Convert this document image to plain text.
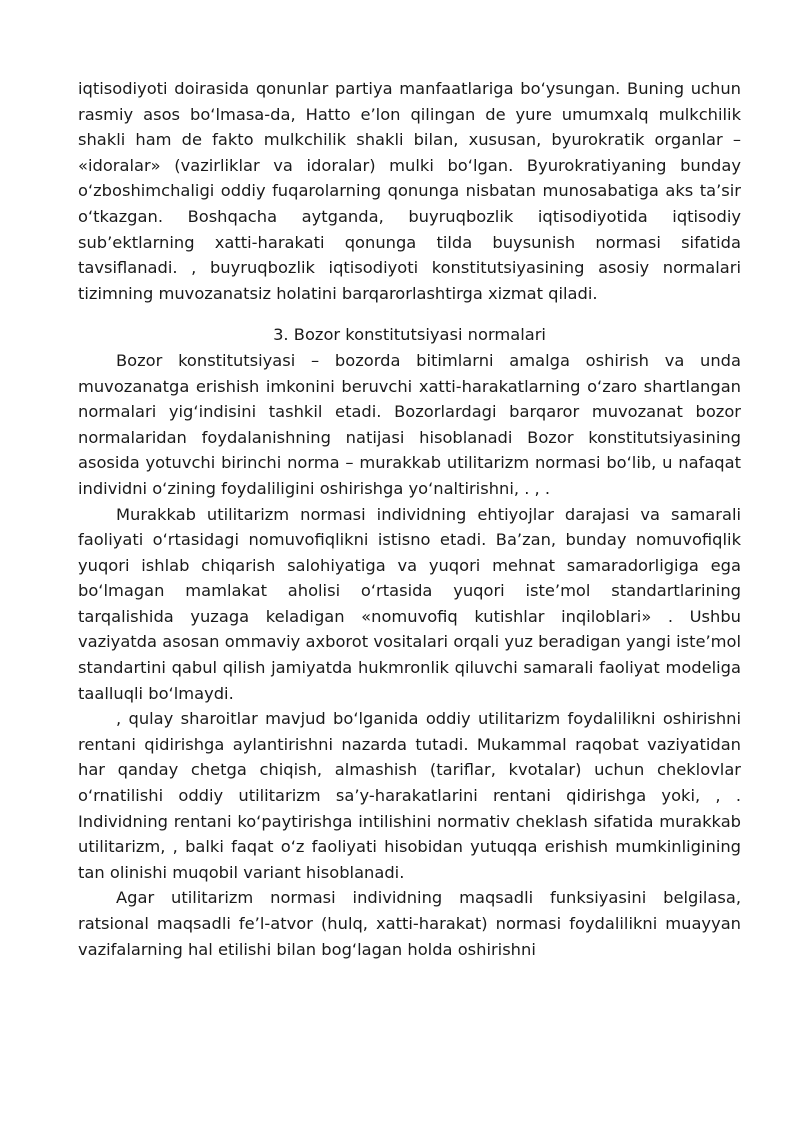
iqtisodiyoti doirasida qonunlar partiya manfaatlariga bo‘ysungan. Buning uchun rasmiy asos bo‘lmasa-da, Hatto e’lon qilingan de yure umumxalq mulkchilik shakli ham de fakto mulkchilik shakli bilan, xususan, byurokratik organlar – «idoralar» (vazirliklar va idoralar) mulki bo‘lgan. Byurokratiyaning bunday o‘zboshimchaligi oddiy fuqarolarning qonunga nisbatan munosabatiga aks ta’sir o‘tkazgan. Boshqacha aytganda, buyruqbozlik iqtisodiyotida iqtisodiy sub’ektlarning xatti-harakati qonunga tilda buysunish normasi sifatida tavsiflanadi. , buyruqbozlik iqtisodiyoti konstitutsiyasining asosiy normalari tizimning muvozanatsiz holatini barqarorlashtirga xizmat qiladi.

3. Bozor konstitutsiyasi normalari

Bozor konstitutsiyasi – bozorda bitimlarni amalga oshirish va unda muvozanatga erishish imkonini beruvchi xatti-harakatlarning o‘zaro shartlangan normalari yig‘indisini tashkil etadi. Bozorlardagi barqaror muvozanat bozor normalaridan foydalanishning natijasi hisoblanadi Bozor konstitutsiyasining asosida yotuvchi birinchi norma – murakkab utilitarizm normasi bo‘lib, u nafaqat individni o‘zining foydaliligini oshirishga yo‘naltirishni, . , .

Murakkab utilitarizm normasi individning ehtiyojlar darajasi va samarali faoliyati o‘rtasidagi nomuvofiqlikni istisno etadi. Ba’zan, bunday nomuvofiqlik yuqori ishlab chiqarish salohiyatiga va yuqori mehnat samaradorligiga ega bo‘lmagan mamlakat aholisi o‘rtasida yuqori iste’mol standartlarining tarqalishida yuzaga keladigan «nomuvofiq kutishlar inqiloblari» . Ushbu vaziyatda asosan ommaviy axborot vositalari orqali yuz beradigan yangi iste’mol standartini qabul qilish jamiyatda hukmronlik qiluvchi samarali faoliyat modeliga taalluqli bo‘lmaydi.

, qulay sharoitlar mavjud bo‘lganida oddiy utilitarizm foydalilikni oshirishni rentani qidirishga aylantirishni nazarda tutadi. Mukammal raqobat vaziyatidan har qanday chetga chiqish, almashish (tariflar, kvotalar) uchun cheklovlar o‘rnatilishi oddiy utilitarizm sa’y-harakatlarini rentani qidirishga yoki, , . Individning rentani ko‘paytirishga intilishini normativ cheklash sifatida murakkab utilitarizm, , balki faqat o‘z faoliyati hisobidan yutuqqa erishish mumkinligining tan olinishi muqobil variant hisoblanadi.

Agar utilitarizm normasi individning maqsadli funksiyasini belgilasa, ratsional maqsadli fe’l-atvor (hulq, xatti-harakat) normasi foydalilikni muayyan vazifalarning hal etilishi bilan bog‘lagan holda oshirishni
